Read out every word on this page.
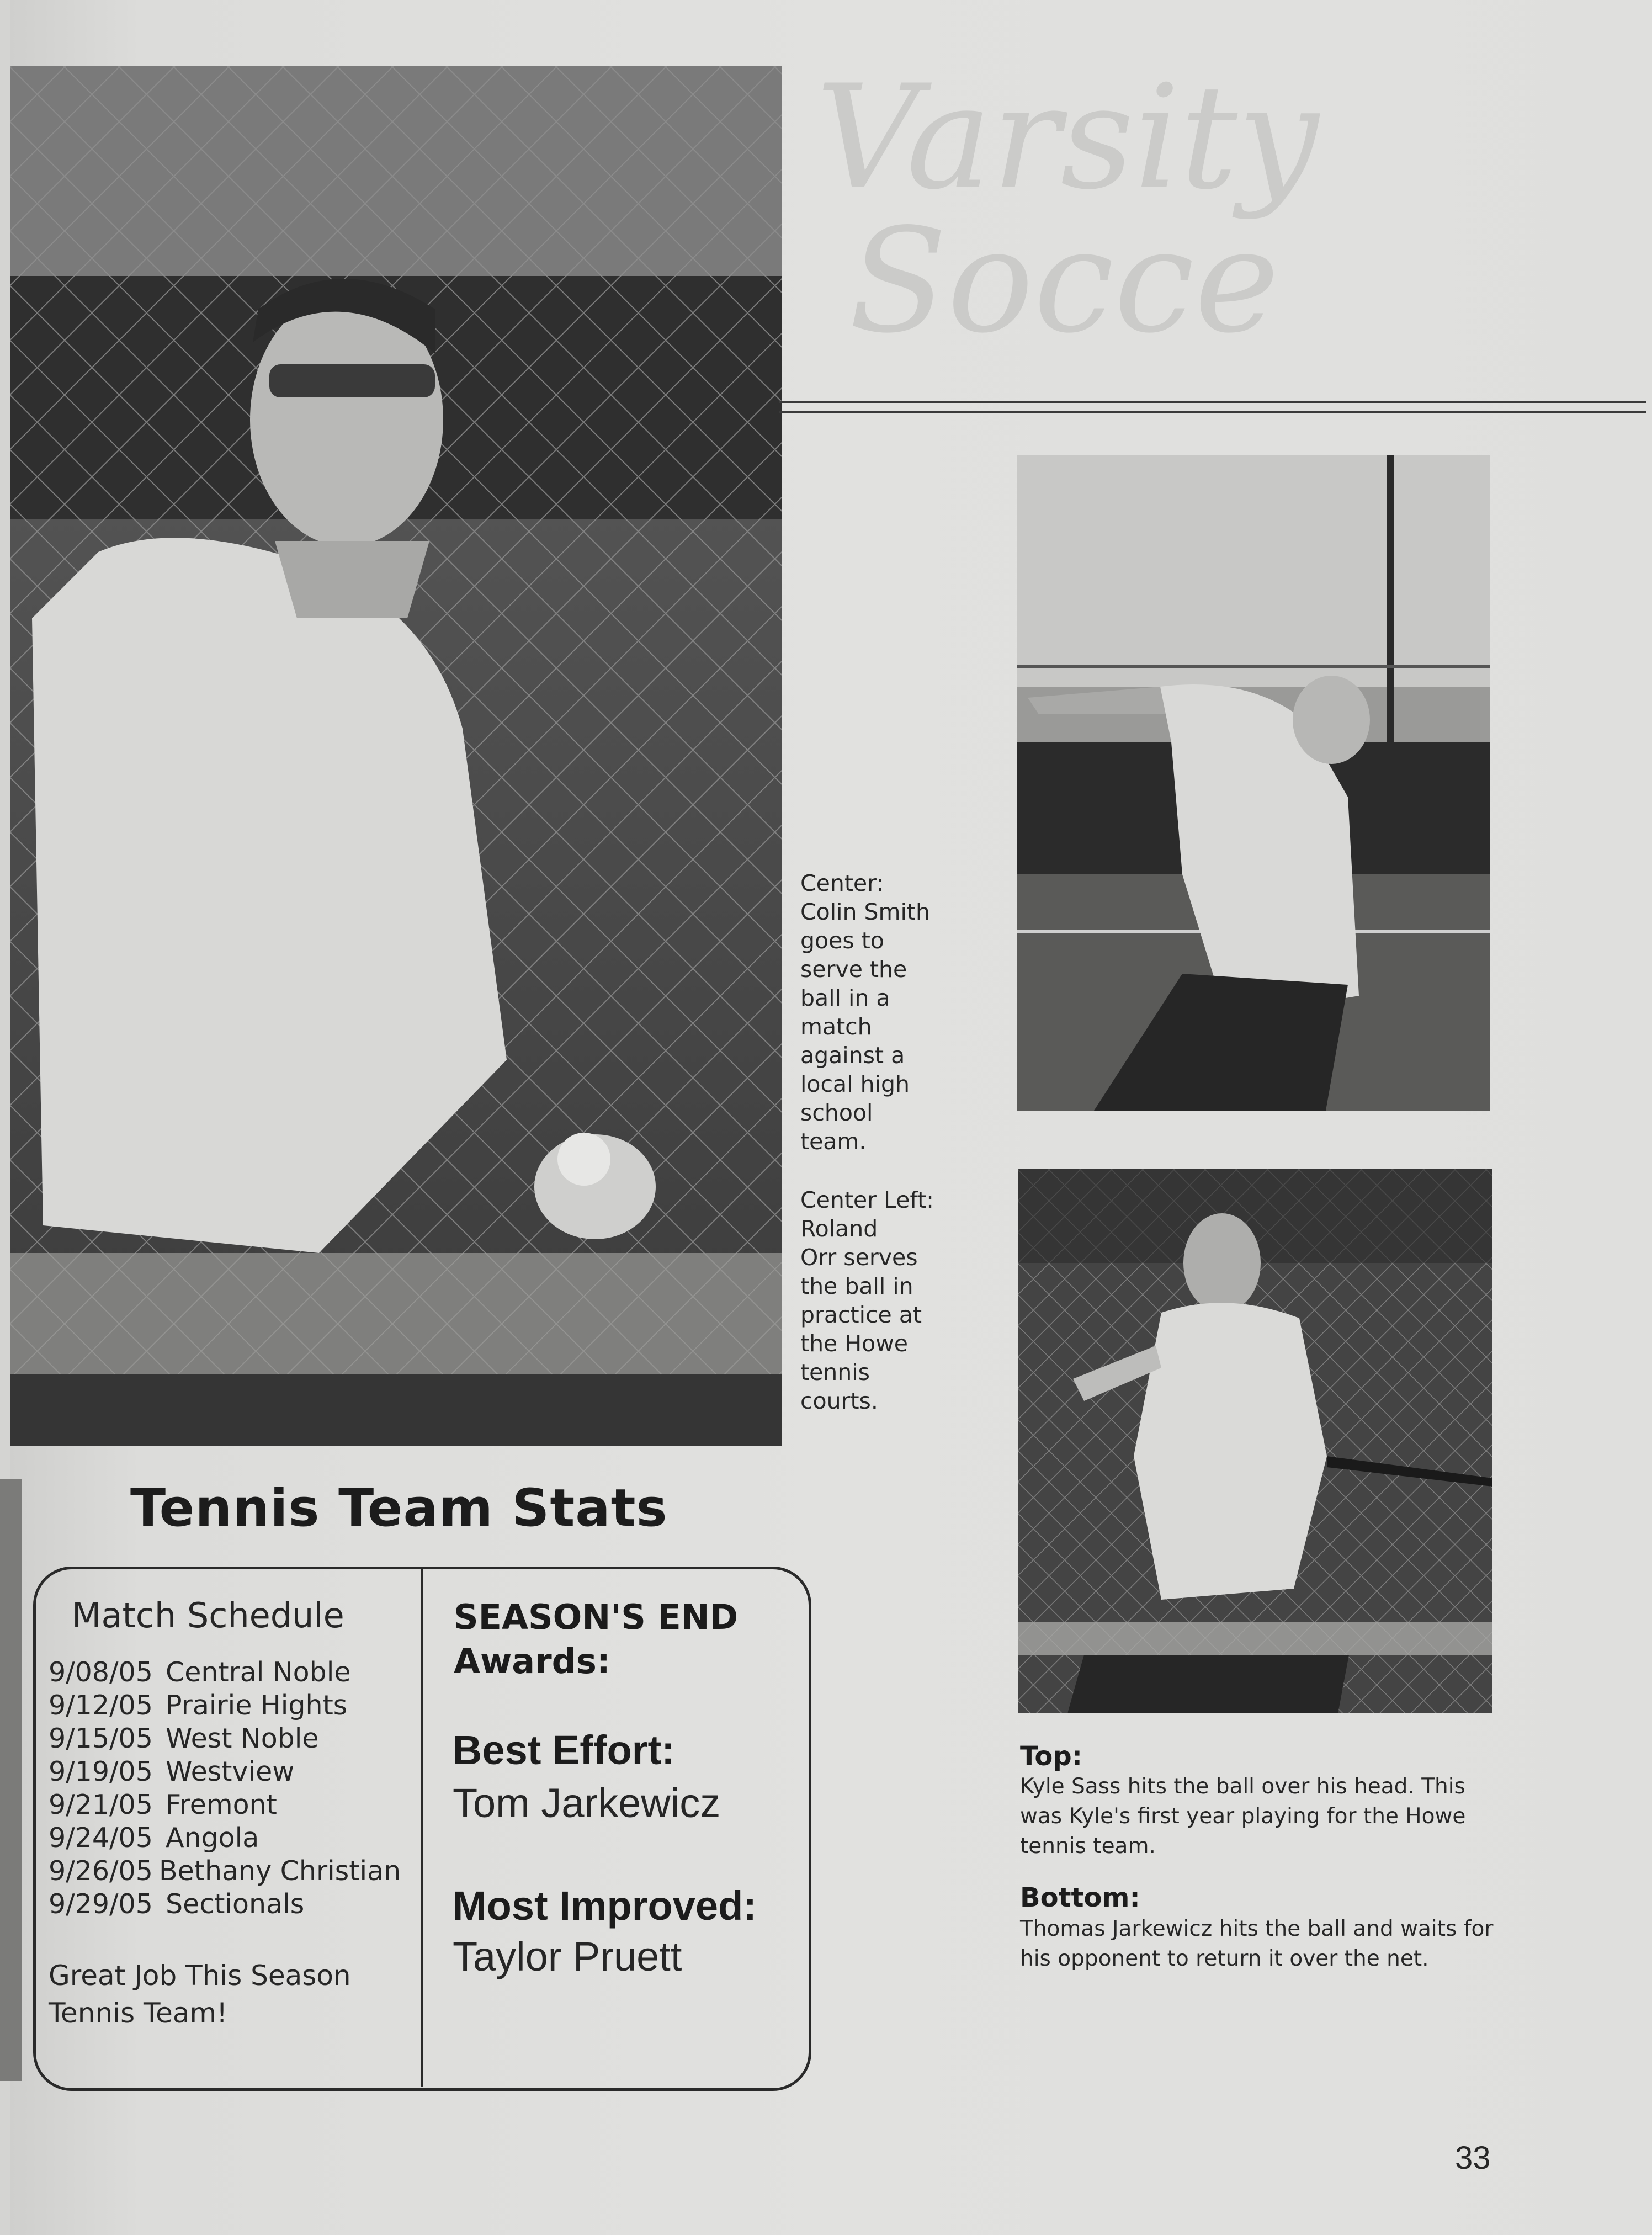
Varsity
Socce
Center:
Colin Smith
goes to
serve the
ball in a
match
against a
local high
school
team.
Center Left:
Roland
Orr serves
the ball in
practice at
the Howe
tennis
courts.
Tennis Team Stats
Match Schedule
9/08/05 Central Noble
9/12/05 Prairie Hights
9/15/05 West Noble
9/19/05 Westview
9/21/05 Fremont
9/24/05 Angola
9/26/05 Bethany Christian
9/29/05 Sectionals
Great Job This Season Tennis Team!
SEASON'S END
Awards:
Best Effort:
Tom Jarkewicz
Most Improved:
Taylor Pruett
Top:
Kyle Sass hits the ball over his head. This was Kyle's first year playing for the Howe tennis team.
Bottom:
Thomas Jarkewicz hits the ball and waits for his opponent to return it over the net.
33
